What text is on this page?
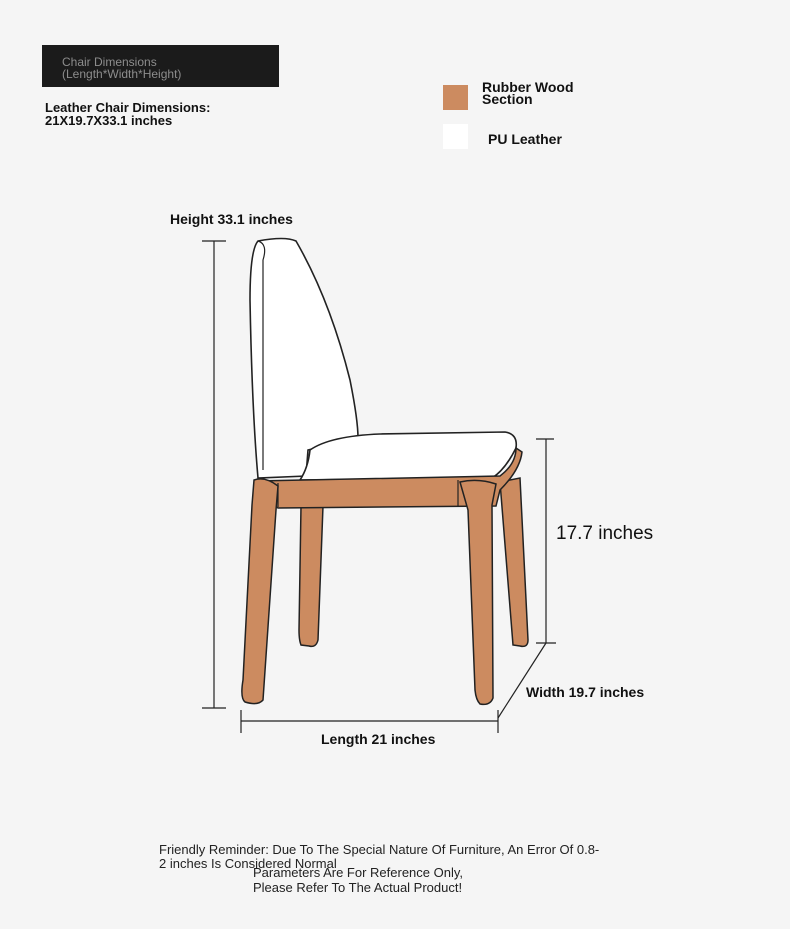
Chair Dimensions
(Length*Width*Height)
Leather Chair Dimensions:
21X19.7X33.1 inches
Rubber Wood Section
PU Leather
Height 33.1 inches
17.7 inches
Width 19.7 inches
Length 21 inches
Friendly Reminder: Due To The Special Nature Of Furniture, An Error Of 0.8-2 inches Is Considered Normal
Parameters Are For Reference Only,
Please Refer To The Actual Product!
